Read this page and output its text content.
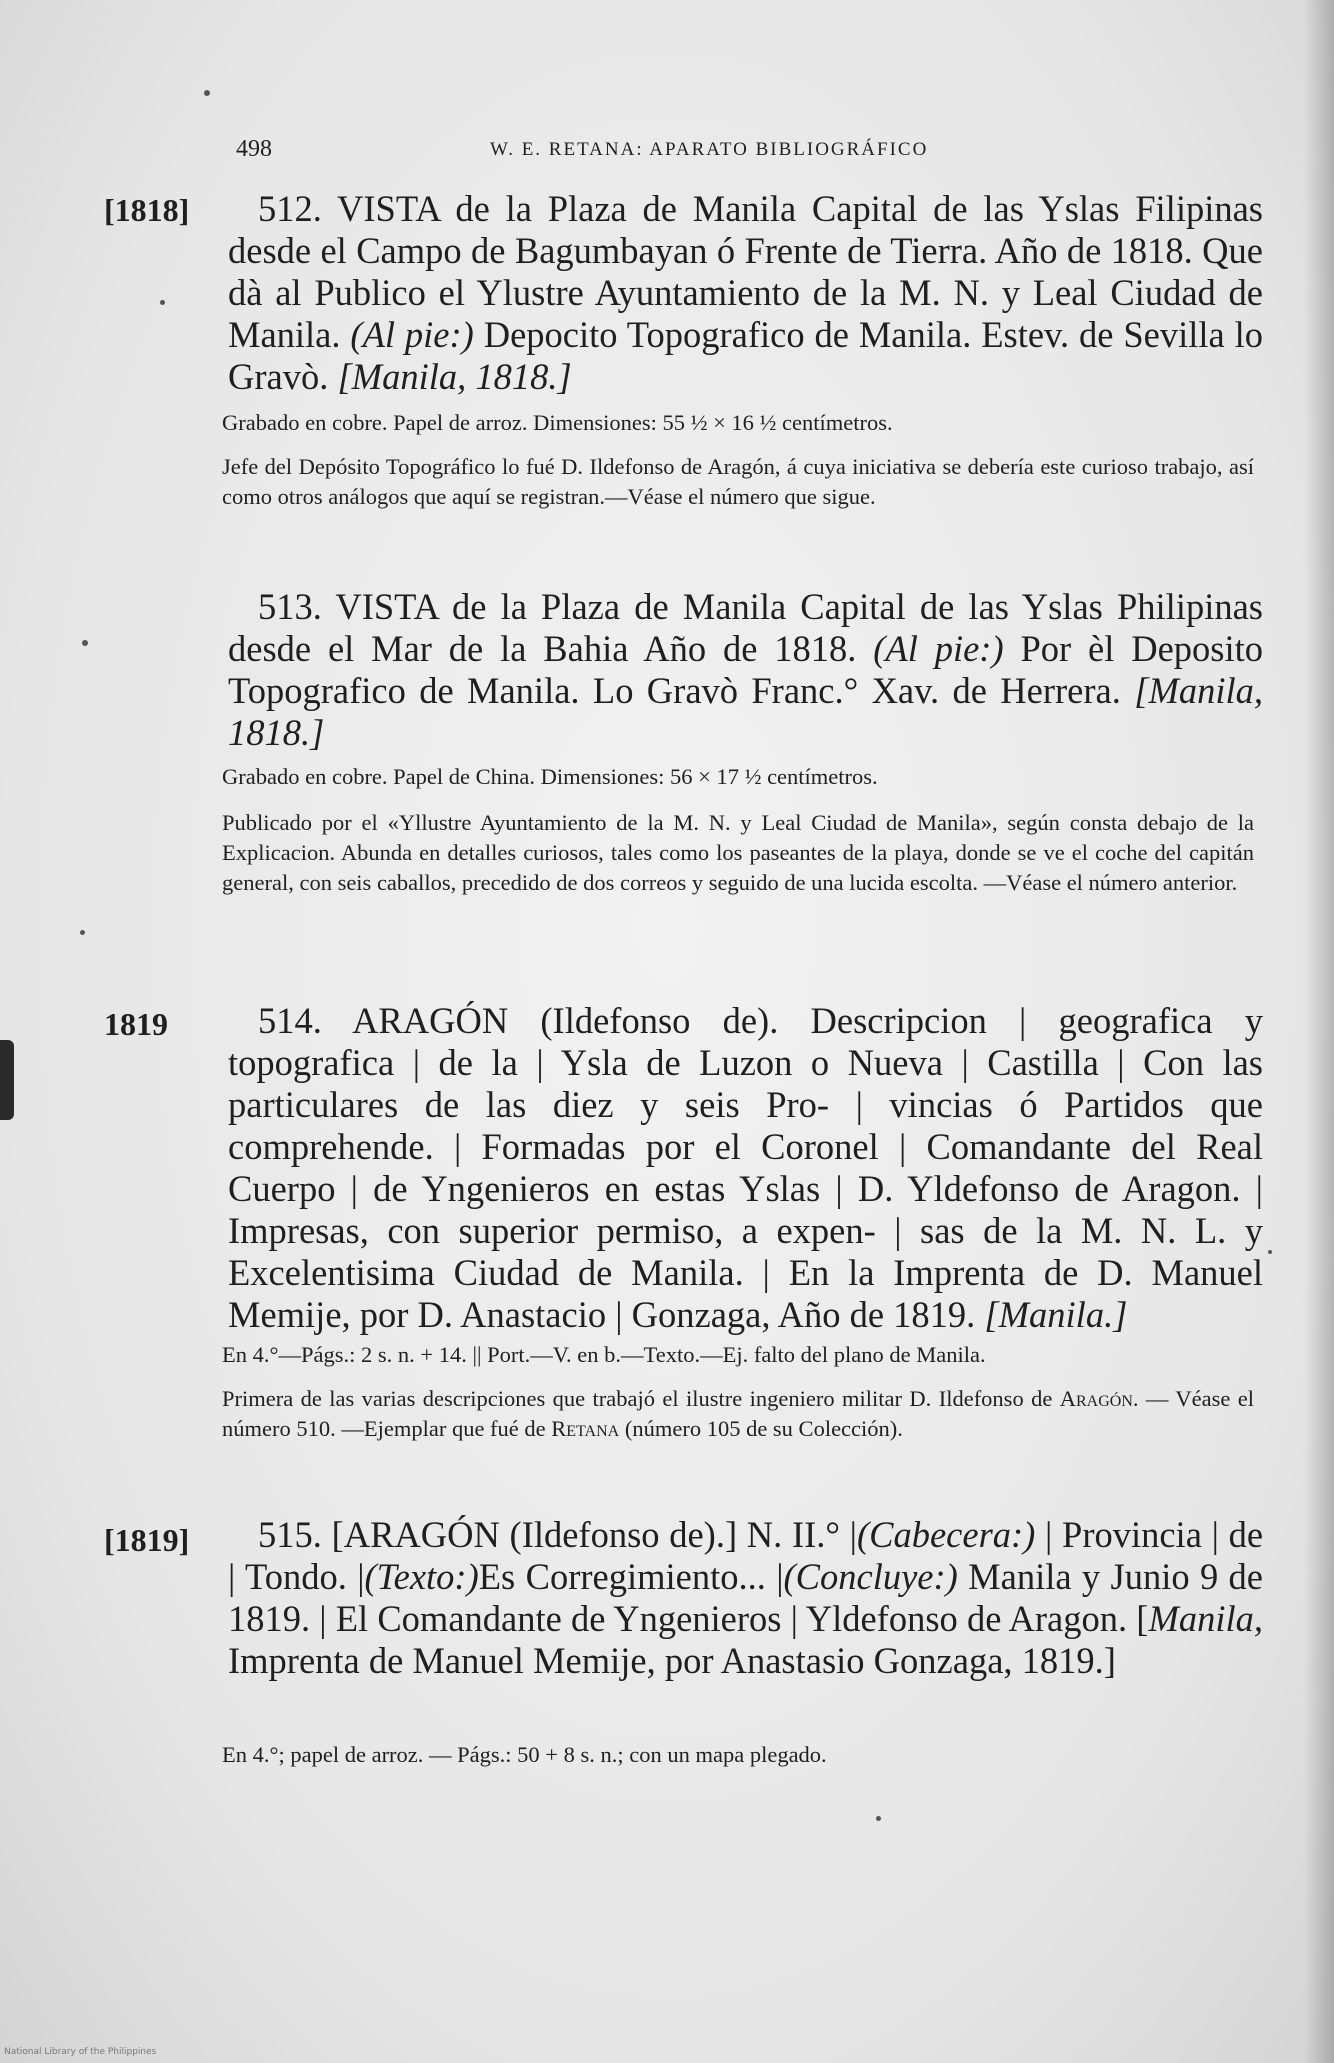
498	W. E. RETANA: APARATO BIBLIOGRÁFICO
[1818]	512. VISTA de la Plaza de Manila Capital de las Yslas Filipinas desde el Campo de Bagumbayan ó Frente de Tierra. Año de 1818. Que dà al Publico el Ylustre Ayuntamiento de la M. N. y Leal Ciudad de Manila. (Al pie:) Depocito Topografico de Manila. Estev. de Sevilla lo Gravò. [Manila, 1818.]
Grabado en cobre. Papel de arroz. Dimensiones: 55 ½ × 16 ½ centímetros.
Jefe del Depósito Topográfico lo fué D. Ildefonso de Aragón, á cuya iniciativa se debería este curioso trabajo, así como otros análogos que aquí se registran.—Véase el número que sigue.
513. VISTA de la Plaza de Manila Capital de las Yslas Philipinas desde el Mar de la Bahia Año de 1818. (Al pie:) Por èl Deposito Topografico de Manila. Lo Gravò Franc.° Xav. de Herrera. [Manila, 1818.]
Grabado en cobre. Papel de China. Dimensiones: 56 × 17 ½ centímetros.
Publicado por el «Yllustre Ayuntamiento de la M. N. y Leal Ciudad de Manila», según consta debajo de la Explicacion. Abunda en detalles curiosos, tales como los paseantes de la playa, donde se ve el coche del capitán general, con seis caballos, precedido de dos correos y seguido de una lucida escolta. —Véase el número anterior.
1819	514. ARAGÓN (Ildefonso de). Descripcion | geografica y topografica | de la | Ysla de Luzon o Nueva | Castilla | Con las particulares de las diez y seis Pro- | vincias ó Partidos que comprehende. | Formadas por el Coronel | Comandante del Real Cuerpo | de Yngenieros en estas Yslas | D. Yldefonso de Aragon. | Impresas, con superior permiso, a expen- | sas de la M. N. L. y Excelentisima Ciudad de Manila. | En la Imprenta de D. Manuel Memije, por D. Anastacio | Gonzaga, Año de 1819. [Manila.]
En 4.°—Págs.: 2 s. n. + 14. || Port.—V. en b.—Texto.—Ej. falto del plano de Manila.
Primera de las varias descripciones que trabajó el ilustre ingeniero militar D. Ildefonso de Aragón. — Véase el número 510. —Ejemplar que fué de Retana (número 105 de su Colección).
[1819]	515. [ARAGÓN (Ildefonso de).] N. II.° |(Cabecera:) | Provincia | de | Tondo. |(Texto:)Es Corregimiento... |(Concluye:) Manila y Junio 9 de 1819. | El Comandante de Yngenieros | Yldefonso de Aragon. [Manila, Imprenta de Manuel Memije, por Anastasio Gonzaga, 1819.]
En 4.°; papel de arroz. — Págs.: 50 + 8 s. n.; con un mapa plegado.
National Library of the Philippines
